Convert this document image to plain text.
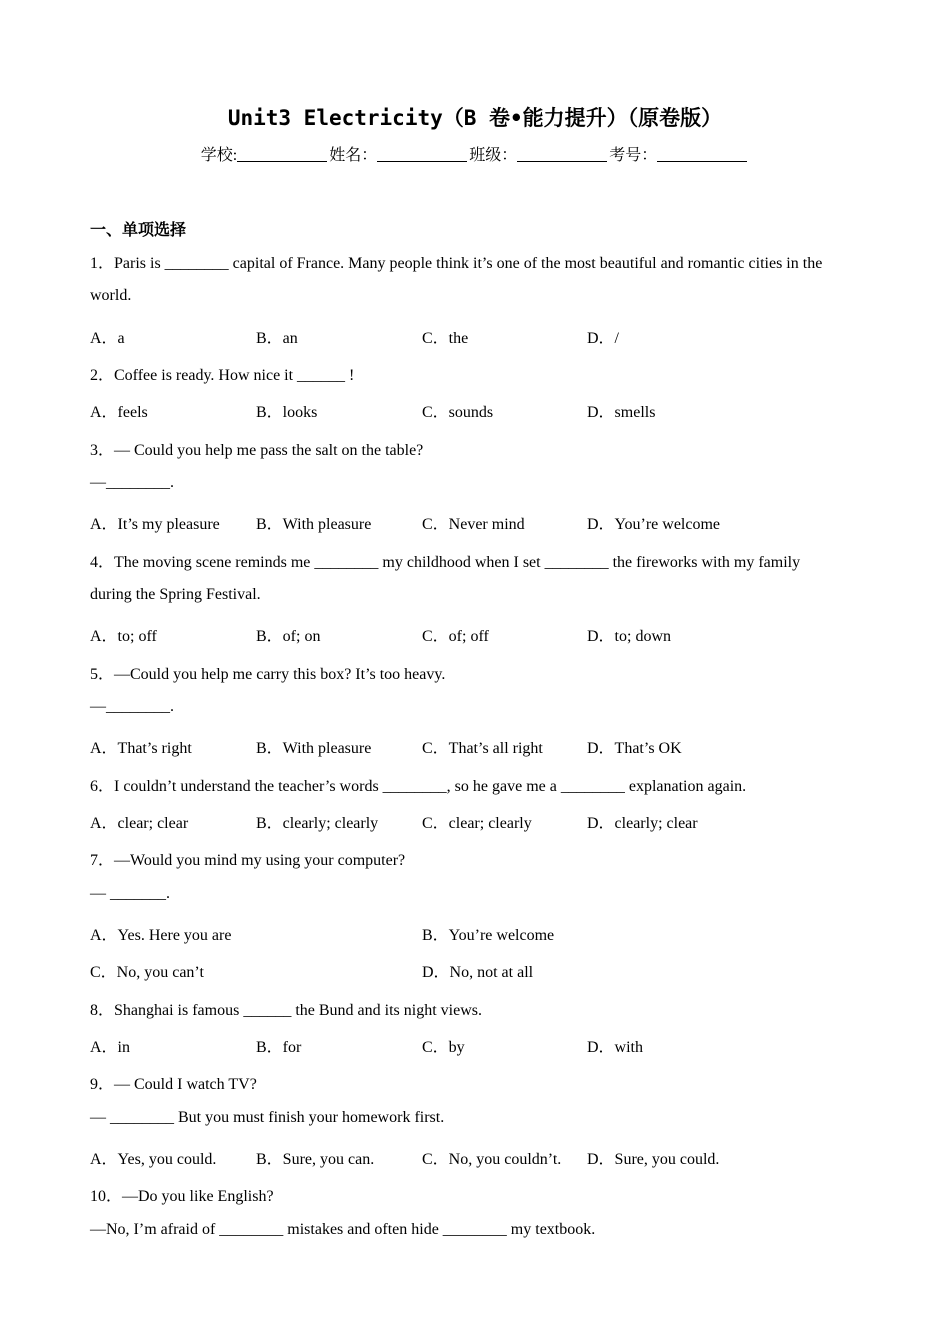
Unit3 Electricity（B 卷•能力提升）（原卷版）
学校:	姓名：	班级：	考号：
一、单项选择
1．Paris is ________ capital of France. Many people think it’s one of the most beautiful and romantic cities in the
world.
A．a	B．an	C．the	D．/
2．Coffee is ready. How nice it ______ !
A．feels	B．looks	C．sounds	D．smells
3．— Could you help me pass the salt on the table?
—________.
A．It’s my pleasure B．With pleasure	C．Never mind	D．You’re welcome
4．The moving scene reminds me ________ my childhood when I set ________ the fireworks with my family
during the Spring Festival.
A．to; off	B．of; on	C．of; off	D．to; down
5．—Could you help me carry this box? It’s too heavy.
—________.
A．That’s right	B．With pleasure	C．That’s all right	D．That’s OK
6．I couldn’t understand the teacher’s words ________, so he gave me a ________ explanation again.
A．clear; clear	B．clearly; clearly	C．clear; clearly	D．clearly; clear
7．—Would you mind my using your computer?
— _______.
A．Yes. Here you are	B．You’re welcome
C．No, you can’t	D．No, not at all
8．Shanghai is famous ______ the Bund and its night views.
A．in	B．for	C．by	D．with
9．— Could I watch TV?
— ________ But you must finish your homework first.
A．Yes, you could. B．Sure, you can.	C．No, you couldn’t. D．Sure, you could.
10．—Do you like English?
—No, I’m afraid of ________ mistakes and often hide ________ my textbook.
